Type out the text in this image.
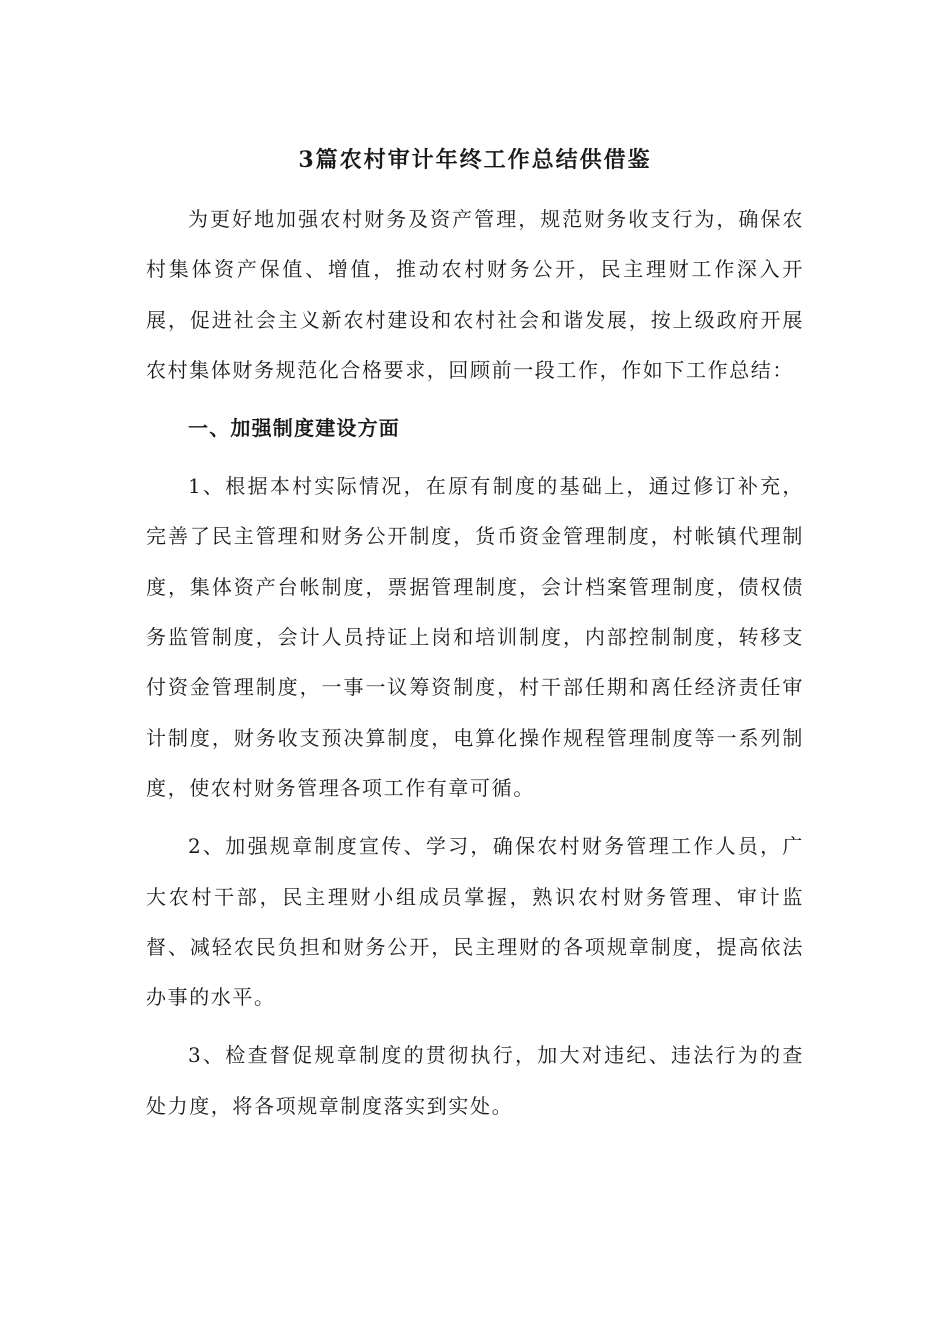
3篇农村审计年终工作总结供借鉴

为更好地加强农村财务及资产管理，规范财务收支行为，确保农村集体资产保值、增值，推动农村财务公开，民主理财工作深入开展，促进社会主义新农村建设和农村社会和谐发展，按上级政府开展农村集体财务规范化合格要求，回顾前一段工作，作如下工作总结：

一、加强制度建设方面

1、根据本村实际情况，在原有制度的基础上，通过修订补充，完善了民主管理和财务公开制度，货币资金管理制度，村帐镇代理制度，集体资产台帐制度，票据管理制度，会计档案管理制度，债权债务监管制度，会计人员持证上岗和培训制度，内部控制制度，转移支付资金管理制度，一事一议筹资制度，村干部任期和离任经济责任审计制度，财务收支预决算制度，电算化操作规程管理制度等一系列制度，使农村财务管理各项工作有章可循。

2、加强规章制度宣传、学习，确保农村财务管理工作人员，广大农村干部，民主理财小组成员掌握，熟识农村财务管理、审计监督、减轻农民负担和财务公开，民主理财的各项规章制度，提高依法办事的水平。

3、检查督促规章制度的贯彻执行，加大对违纪、违法行为的查处力度，将各项规章制度落实到实处。
